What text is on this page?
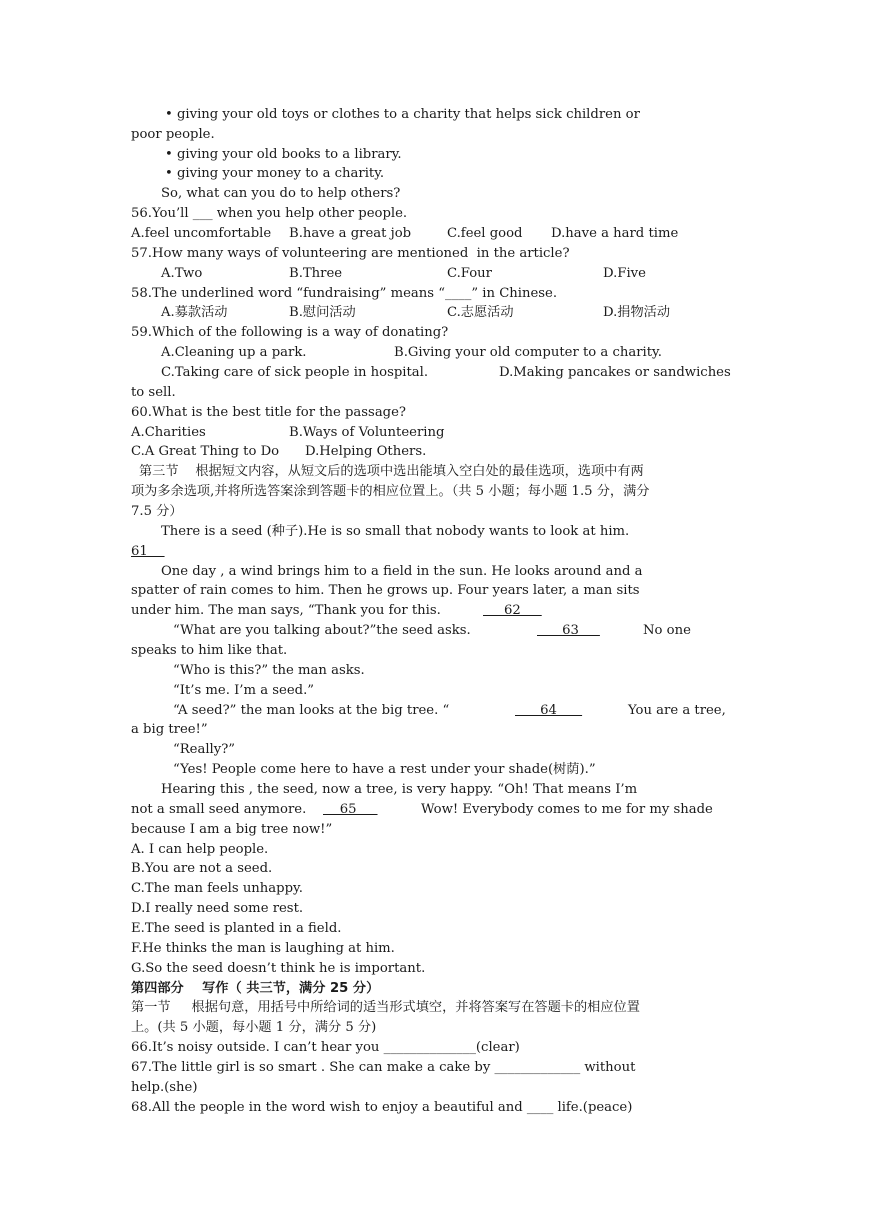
• giving your old toys or clothes to a charity that helps sick children or
poor people.
• giving your old books to a library.
• giving your money to a charity.
So, what can you do to help others?
56.You’ll ___ when you help other people.
A.feel uncomfortable B.have a great job	C.feel good D.have a hard time
57.How many ways of volunteering are mentioned  in the article?
A.Two	B.Three	C.Four	D.Five
58.The underlined word “fundraising” means “____” in Chinese.
A.募款活动	B.慰问活动	C.志愿活动	D.捐物活动
59.Which of the following is a way of donating?
A.Cleaning up a park.	B.Giving your old computer to a charity.
C.Taking care of sick people in hospital.	D.Making pancakes or sandwiches
to sell.
60.What is the best title for the passage?
A.Charities	B.Ways of Volunteering
C.A Great Thing to Do D.Helping Others.
第三节    根据短文内容，从短文后的选项中选出能填入空白处的最佳选项，选项中有两
项为多余选项,并将所选答案涂到答题卡的相应位置上。（共 5 小题；每小题 1.5 分，满分
7.5 分）
There is a seed (种子).He is so small that nobody wants to look at him.
61
One day , a wind brings him to a field in the sun. He looks around and a
spatter of rain comes to him. Then he grows up. Four years later, a man sits
under him. The man says, “Thank you for this.	62
“What are you talking about?”the seed asks.	63	No one
speaks to him like that.
“Who is this?” the man asks.
“It’s me. I’m a seed.”
“A seed?” the man looks at the big tree. “	64	You are a tree,
a big tree!”
“Really?”
“Yes! People come here to have a rest under your shade(树荫).”
Hearing this , the seed, now a tree, is very happy. “Oh! That means I’m
not a small seed anymore. 65	Wow! Everybody comes to me for my shade
because I am a big tree now!”
A. I can help people.
B.You are not a seed.
C.The man feels unhappy.
D.I really need some rest.
E.The seed is planted in a field.
F.He thinks the man is laughing at him.
G.So the seed doesn’t think he is important.
第四部分    写作（ 共三节，满分 25 分）
第一节     根据句意，用括号中所给词的适当形式填空，并将答案写在答题卡的相应位置
上。(共 5 小题，每小题 1 分，满分 5 分)
66.It’s noisy outside. I can’t hear you ______________(clear)
67.The little girl is so smart . She can make a cake by _____________ without
help.(she)
68.All the people in the word wish to enjoy a beautiful and ____ life.(peace)
